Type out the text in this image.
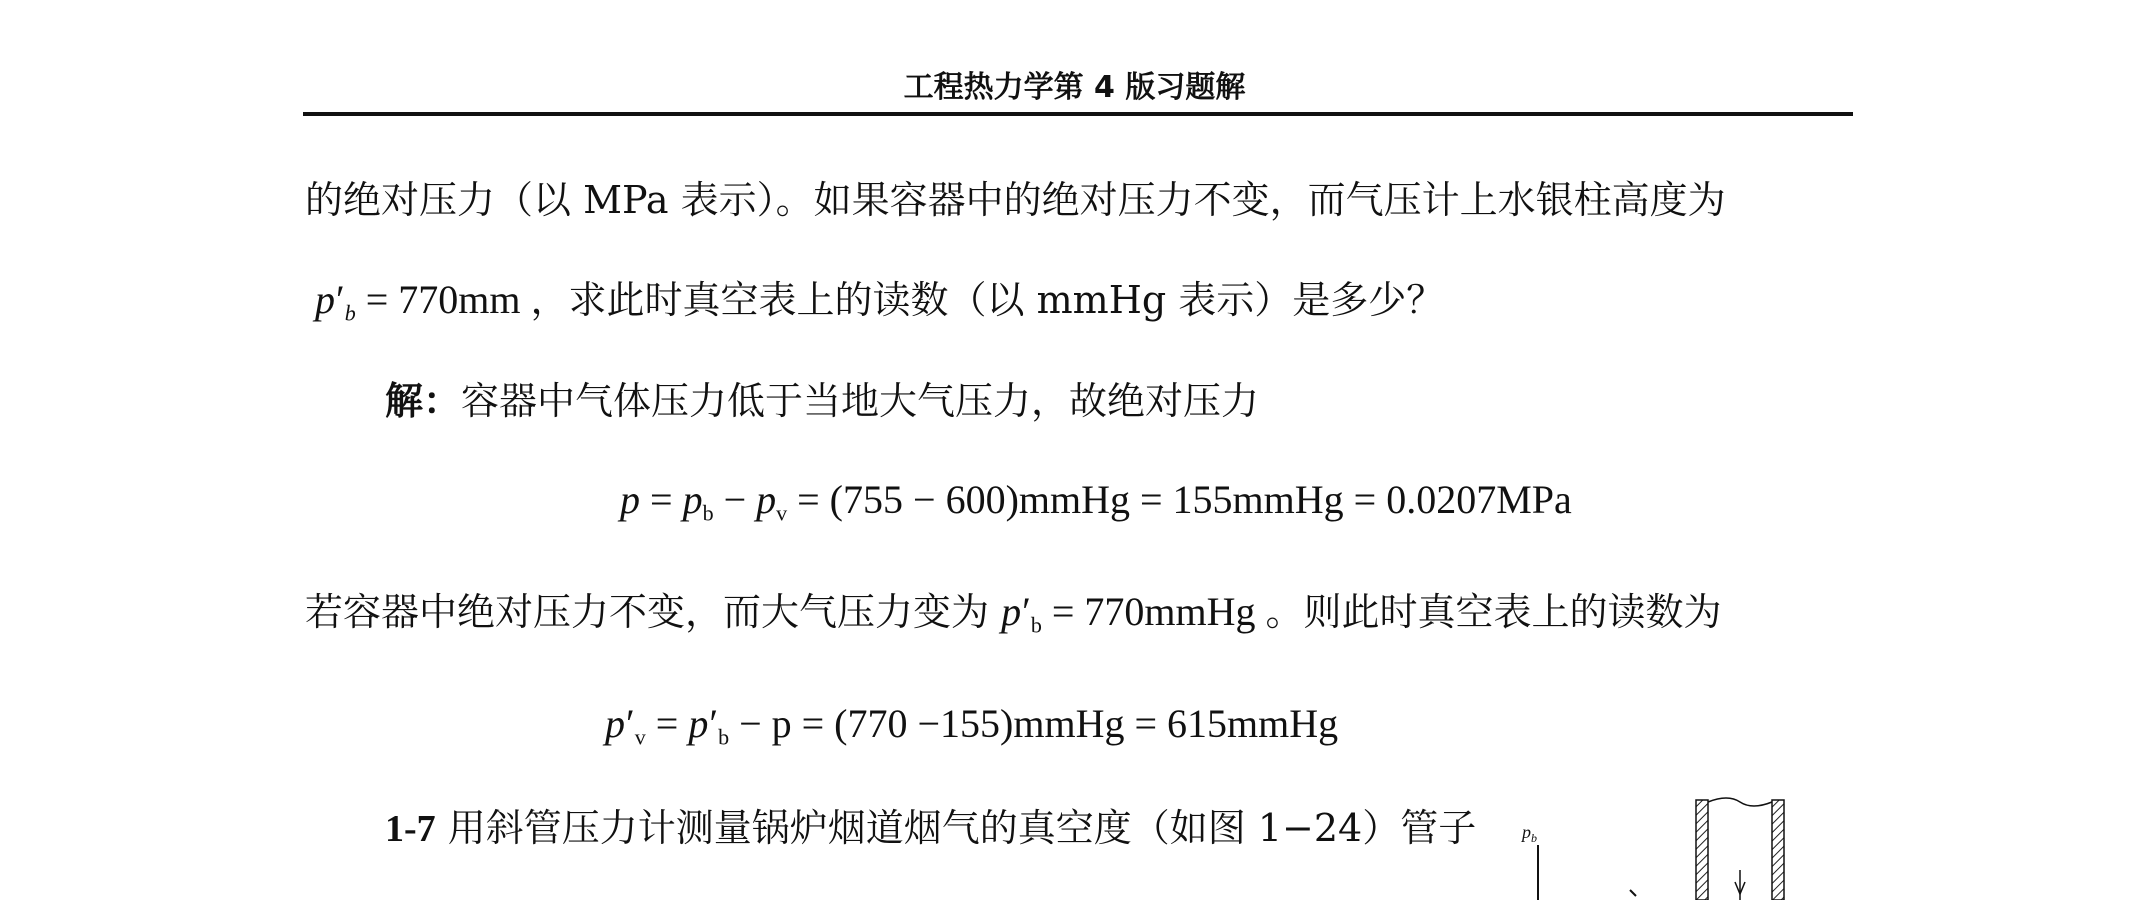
工程热力学第 4 版习题解
的绝对压力（以 MPa 表示）。如果容器中的绝对压力不变，而气压计上水银柱高度为
$p'_b = 770mm$ ，求此时真空表上的读数（以 mmHg 表示）是多少？
解：容器中气体压力低于当地大气压力，故绝对压力
$p = p_b - p_v = (755$ − 600)mmHg = 155mmHg = 0.0207MPa
若容器中绝对压力不变，而大气压力变为 $p'_b$ = 770mmHg 。则此时真空表上的读数为
$p'_v = p'_b - p = (770$ −155)mmHg = 615mmHg
1-7 用斜管压力计测量锅炉烟道烟气的真空度（如图 1−24）管子	$p_b$
